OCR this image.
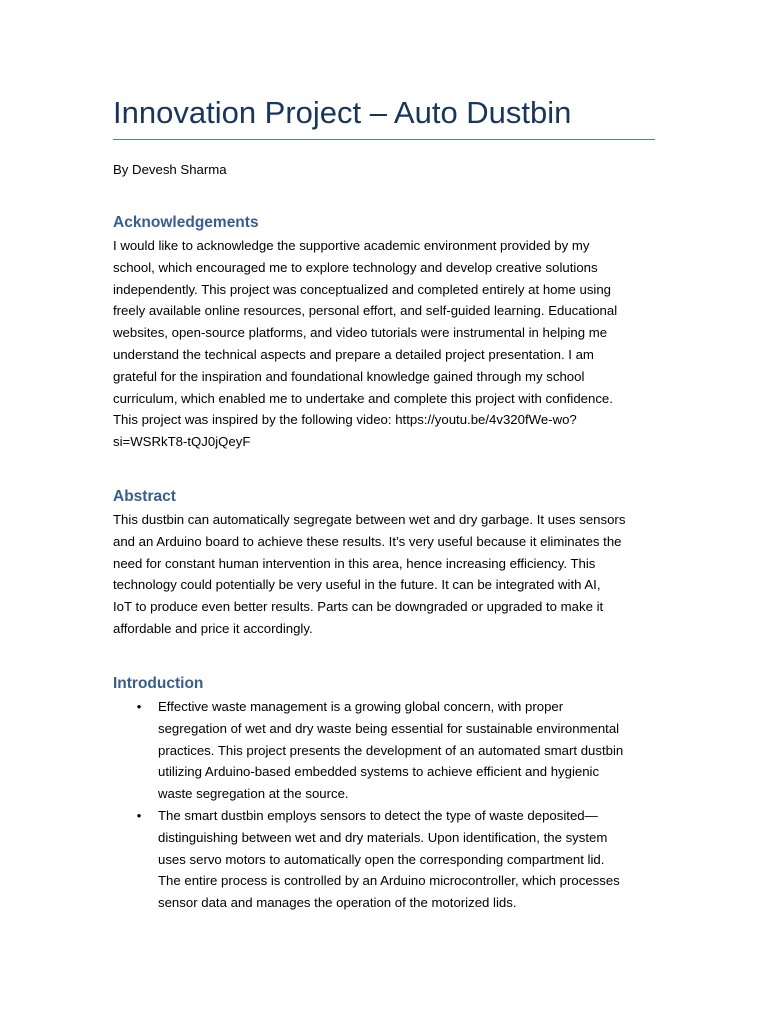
Innovation Project – Auto Dustbin

By Devesh Sharma

Acknowledgements

I would like to acknowledge the supportive academic environment provided by my
school, which encouraged me to explore technology and develop creative solutions
independently. This project was conceptualized and completed entirely at home using
freely available online resources, personal effort, and self-guided learning. Educational
websites, open-source platforms, and video tutorials were instrumental in helping me
understand the technical aspects and prepare a detailed project presentation. I am
grateful for the inspiration and foundational knowledge gained through my school
curriculum, which enabled me to undertake and complete this project with confidence.
This project was inspired by the following video: https://youtu.be/4v320fWe-wo?
si=WSRkT8-tQJ0jQeyF

Abstract

This dustbin can automatically segregate between wet and dry garbage. It uses sensors
and an Arduino board to achieve these results. It’s very useful because it eliminates the
need for constant human intervention in this area, hence increasing efficiency. This
technology could potentially be very useful in the future. It can be integrated with AI,
IoT to produce even better results. Parts can be downgraded or upgraded to make it
affordable and price it accordingly.

Introduction
• Effective waste management is a growing global concern, with proper
segregation of wet and dry waste being essential for sustainable environmental
practices. This project presents the development of an automated smart dustbin
utilizing Arduino-based embedded systems to achieve efficient and hygienic
waste segregation at the source.
• The smart dustbin employs sensors to detect the type of waste deposited—
distinguishing between wet and dry materials. Upon identification, the system
uses servo motors to automatically open the corresponding compartment lid.
The entire process is controlled by an Arduino microcontroller, which processes
sensor data and manages the operation of the motorized lids.
